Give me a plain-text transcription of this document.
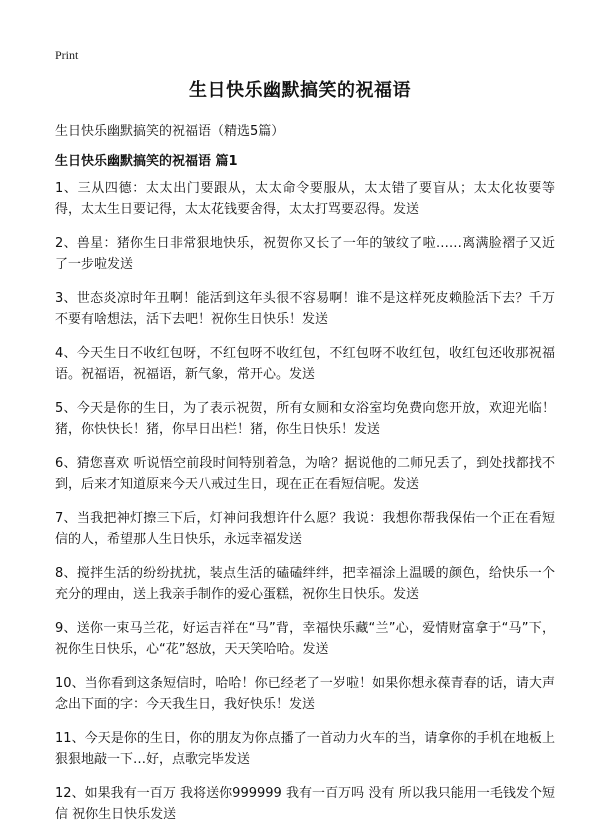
Print
生日快乐幽默搞笑的祝福语
生日快乐幽默搞笑的祝福语（精选5篇）
生日快乐幽默搞笑的祝福语 篇1
1、三从四德：太太出门要跟从，太太命令要服从，太太错了要盲从；太太化妆要等得，太太生日要记得，太太花钱要舍得，太太打骂要忍得。发送
2、兽星：猪你生日非常狠地快乐，祝贺你又长了一年的皱纹了啦……离满脸褶子又近了一步啦发送
3、世态炎凉时年丑啊！能活到这年头很不容易啊！谁不是这样死皮赖脸活下去？千万不要有啥想法，活下去吧！祝你生日快乐！发送
4、今天生日不收红包呀，不红包呀不收红包，不红包呀不收红包，收红包还收那祝福语。祝福语，祝福语，新气象，常开心。发送
5、今天是你的生日，为了表示祝贺，所有女厕和女浴室均免费向您开放，欢迎光临！猪，你快快长！猪，你早日出栏！猪，你生日快乐！发送
6、猜您喜欢 听说悟空前段时间特别着急，为啥？据说他的二师兄丢了，到处找都找不到，后来才知道原来今天八戒过生日，现在正在看短信呢。发送
7、当我把神灯擦三下后，灯神问我想许什么愿？我说：我想你帮我保佑一个正在看短信的人，希望那人生日快乐，永远幸福发送
8、搅拌生活的纷纷扰扰，装点生活的磕磕绊绊，把幸福涂上温暖的颜色，给快乐一个充分的理由，送上我亲手制作的爱心蛋糕，祝你生日快乐。发送
9、送你一束马兰花，好运吉祥在“马”背，幸福快乐藏“兰”心，爱情财富拿于“马”下，祝你生日快乐，心“花”怒放，天天笑哈哈。发送
10、当你看到这条短信时，哈哈！你已经老了一岁啦！如果你想永葆青春的话，请大声念出下面的字：今天我生日，我好快乐！发送
11、今天是你的生日，你的朋友为你点播了一首动力火车的当，请拿你的手机在地板上狠狠地敲一下…好，点歌完毕发送
12、如果我有一百万 我将送你999999 我有一百万吗 没有 所以我只能用一毛钱发个短信 祝你生日快乐发送
